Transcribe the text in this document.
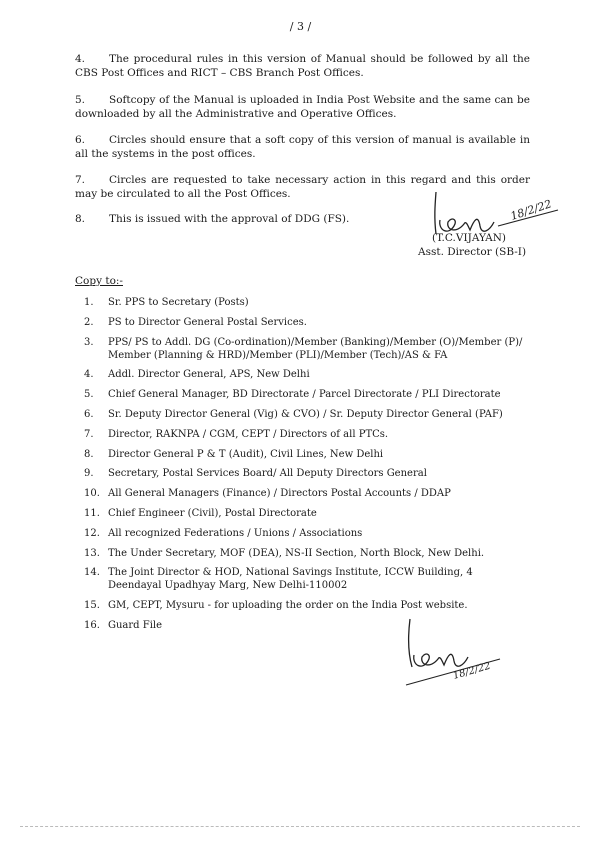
/ 3 /
4. The procedural rules in this version of Manual should be followed by all the CBS Post Offices and RICT – CBS Branch Post Offices.
5. Softcopy of the Manual is uploaded in India Post Website and the same can be downloaded by all the Administrative and Operative Offices.
6. Circles should ensure that a soft copy of this version of manual is available in all the systems in the post offices.
7. Circles are requested to take necessary action in this regard and this order may be circulated to all the Post Offices.
8. This is issued with the approval of DDG (FS).	18/2/22
(T.C.VIJAYAN)
Asst. Director (SB-I)
Copy to:-
1.	Sr. PPS to Secretary (Posts)
2.	PS to Director General Postal Services.
3.	PPS/ PS to Addl. DG (Co-ordination)/Member (Banking)/Member (O)/Member (P)/ Member (Planning & HRD)/Member (PLI)/Member (Tech)/AS & FA
4.	Addl. Director General, APS, New Delhi
5.	Chief General Manager, BD Directorate / Parcel Directorate / PLI Directorate
6.	Sr. Deputy Director General (Vig) & CVO) / Sr. Deputy Director General (PAF)
7.	Director, RAKNPA / CGM, CEPT / Directors of all PTCs.
8.	Director General P & T (Audit), Civil Lines, New Delhi
9.	Secretary, Postal Services Board/ All Deputy Directors General
10. All General Managers (Finance) / Directors Postal Accounts / DDAP
11. Chief Engineer (Civil), Postal Directorate
12. All recognized Federations / Unions / Associations
13. The Under Secretary, MOF (DEA), NS-II Section, North Block, New Delhi.
14. The Joint Director & HOD, National Savings Institute, ICCW Building, 4 Deendayal Upadhyay Marg, New Delhi-110002
15. GM, CEPT, Mysuru - for uploading the order on the India Post website.
16. Guard File
18/2/22
